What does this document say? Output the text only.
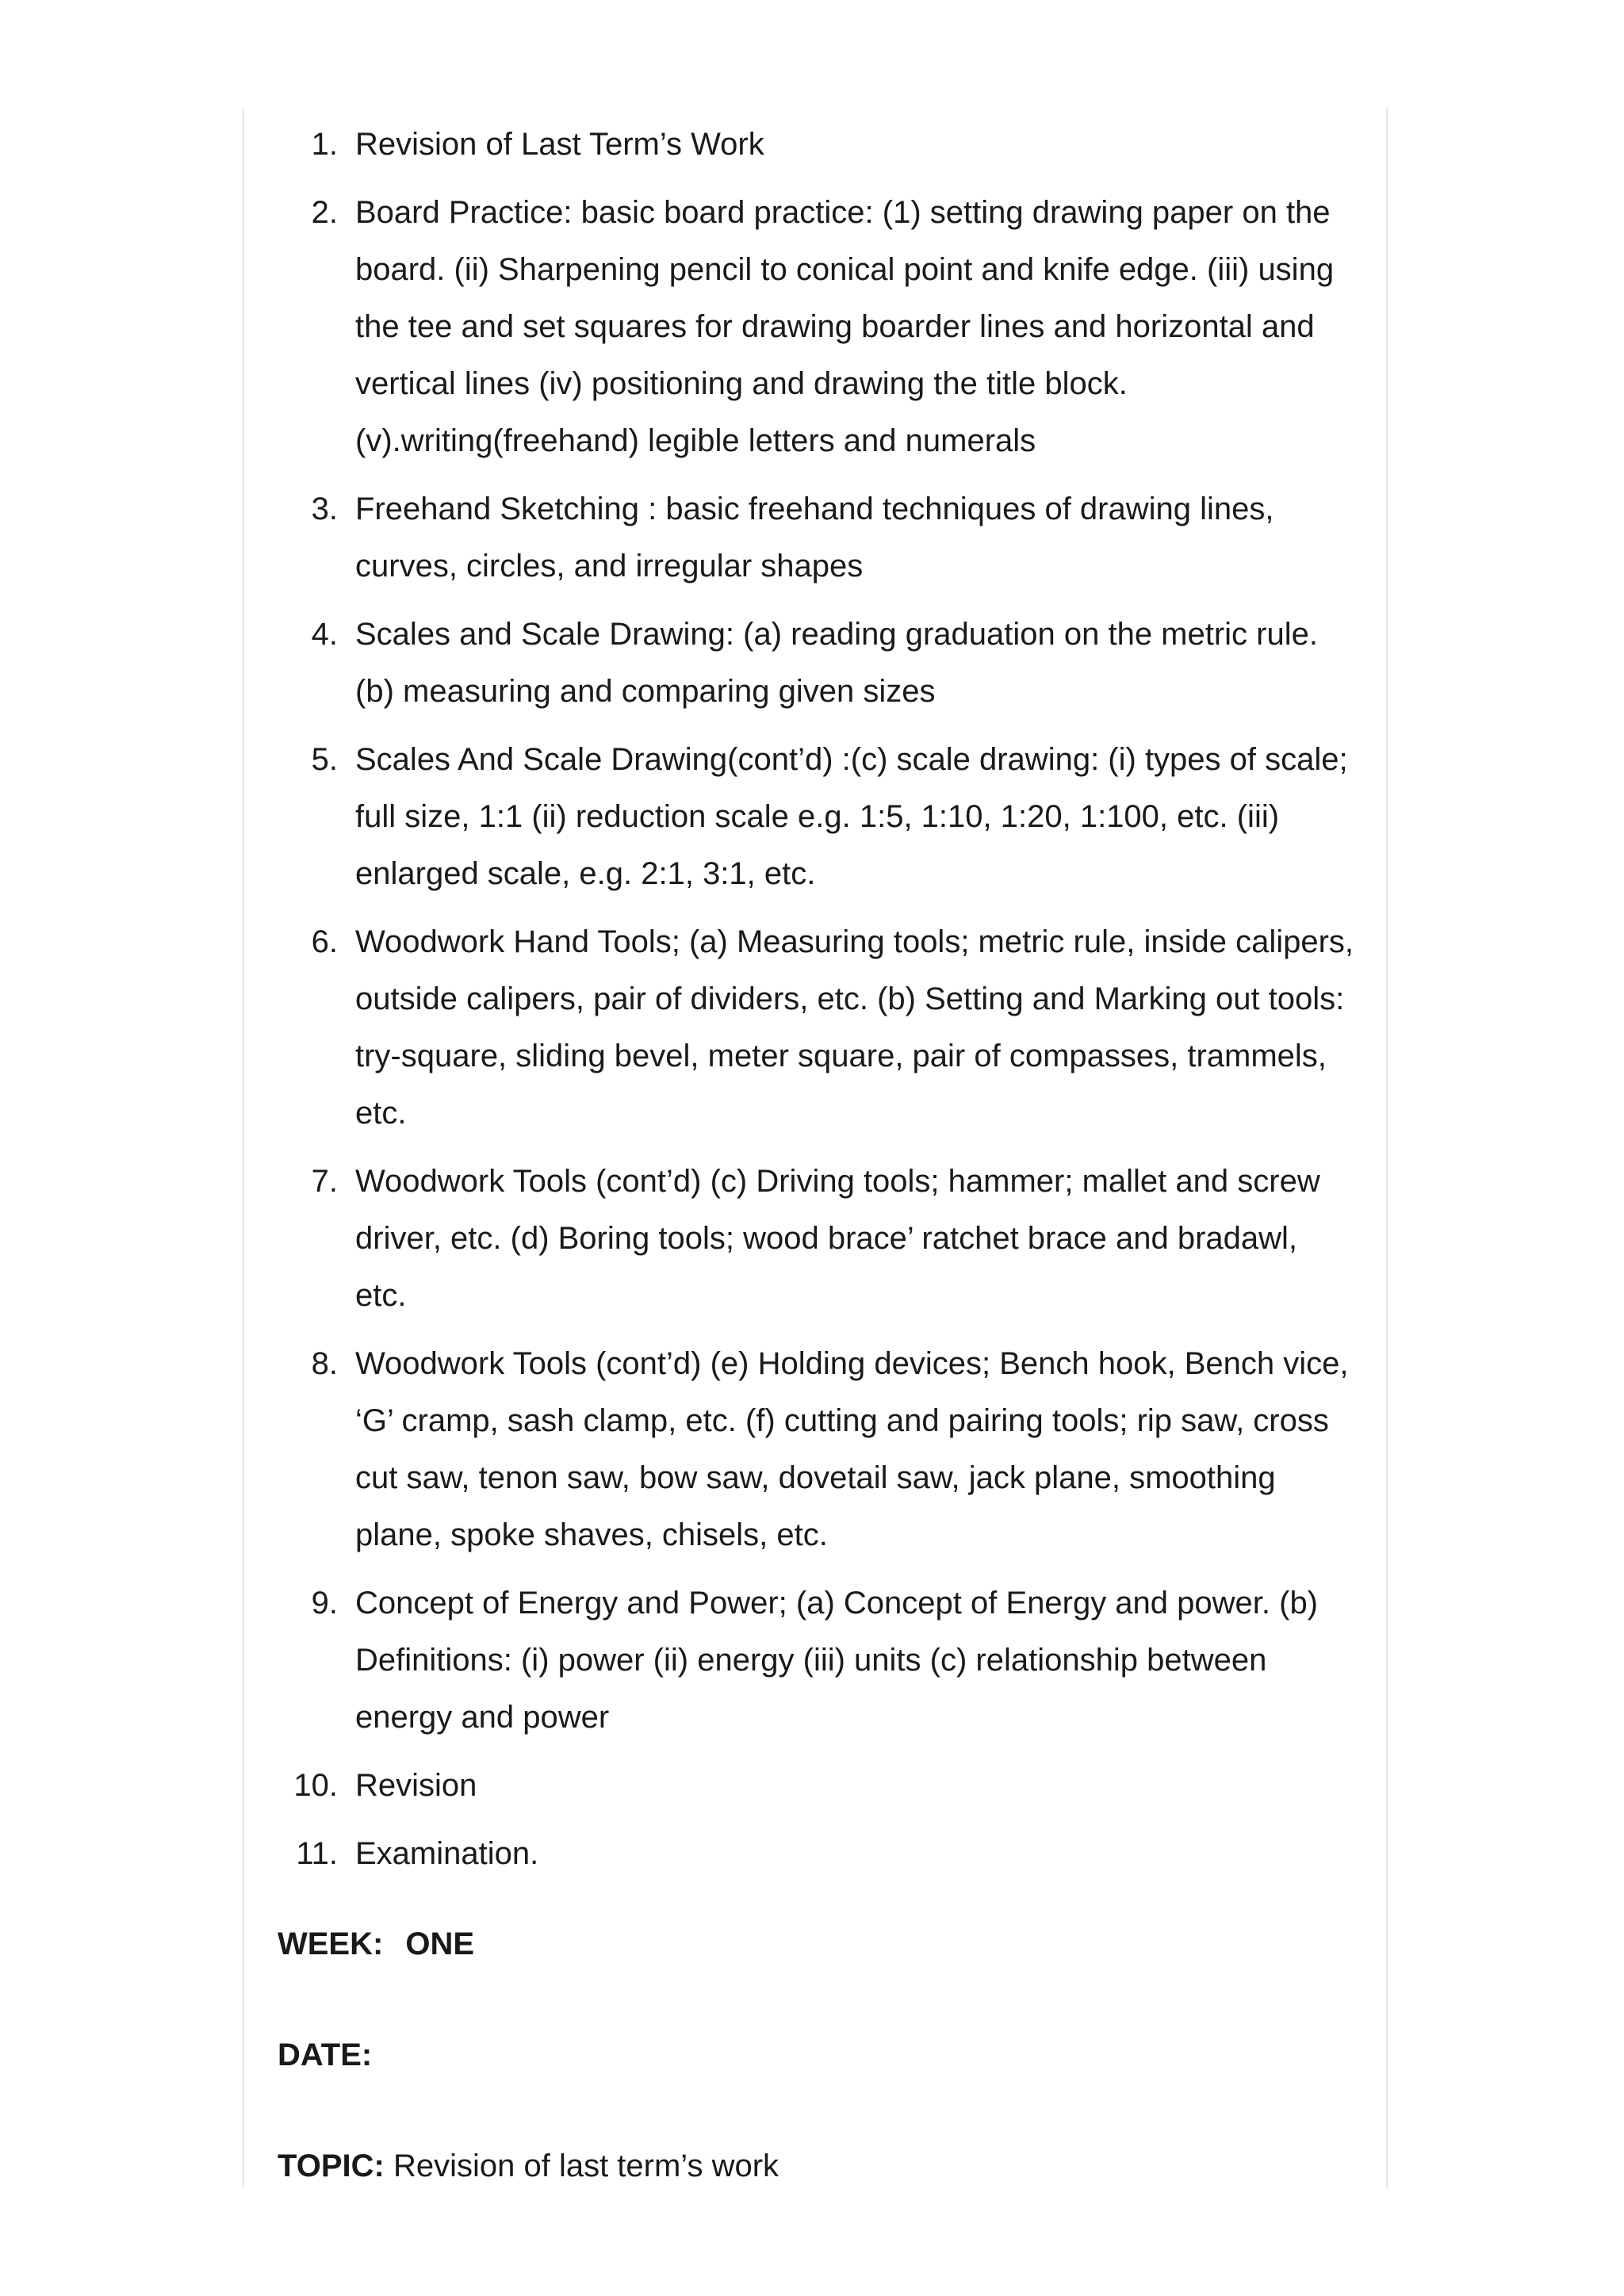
1. Revision of Last Term’s Work
2. Board Practice: basic board practice: (1) setting drawing paper on the board. (ii) Sharpening pencil to conical point and knife edge. (iii) using the tee and set squares for drawing boarder lines and horizontal and vertical lines (iv) positioning and drawing the title block. (v).writing(freehand) legible letters and numerals
3. Freehand Sketching : basic freehand techniques of drawing lines, curves, circles, and irregular shapes
4. Scales and Scale Drawing: (a) reading graduation on the metric rule. (b) measuring and comparing given sizes
5. Scales And Scale Drawing(cont’d) :(c) scale drawing: (i) types of scale; full size, 1:1 (ii) reduction scale e.g. 1:5, 1:10, 1:20, 1:100, etc. (iii) enlarged scale, e.g. 2:1, 3:1, etc.
6. Woodwork Hand Tools; (a) Measuring tools; metric rule, inside calipers, outside calipers, pair of dividers, etc. (b) Setting and Marking out tools: try-square, sliding bevel, meter square, pair of compasses, trammels, etc.
7. Woodwork Tools (cont’d) (c) Driving tools; hammer; mallet and screw driver, etc. (d) Boring tools; wood brace’ ratchet brace and bradawl, etc.
8. Woodwork Tools (cont’d) (e) Holding devices; Bench hook, Bench vice, ‘G’ cramp, sash clamp, etc. (f) cutting and pairing tools; rip saw, cross cut saw, tenon saw, bow saw, dovetail saw, jack plane, smoothing plane, spoke shaves, chisels, etc.
9. Concept of Energy and Power; (a) Concept of Energy and power. (b) Definitions: (i) power (ii) energy (iii) units (c) relationship between energy and power
10. Revision
11. Examination.
WEEK: ONE
DATE:
TOPIC: Revision of last term’s work
